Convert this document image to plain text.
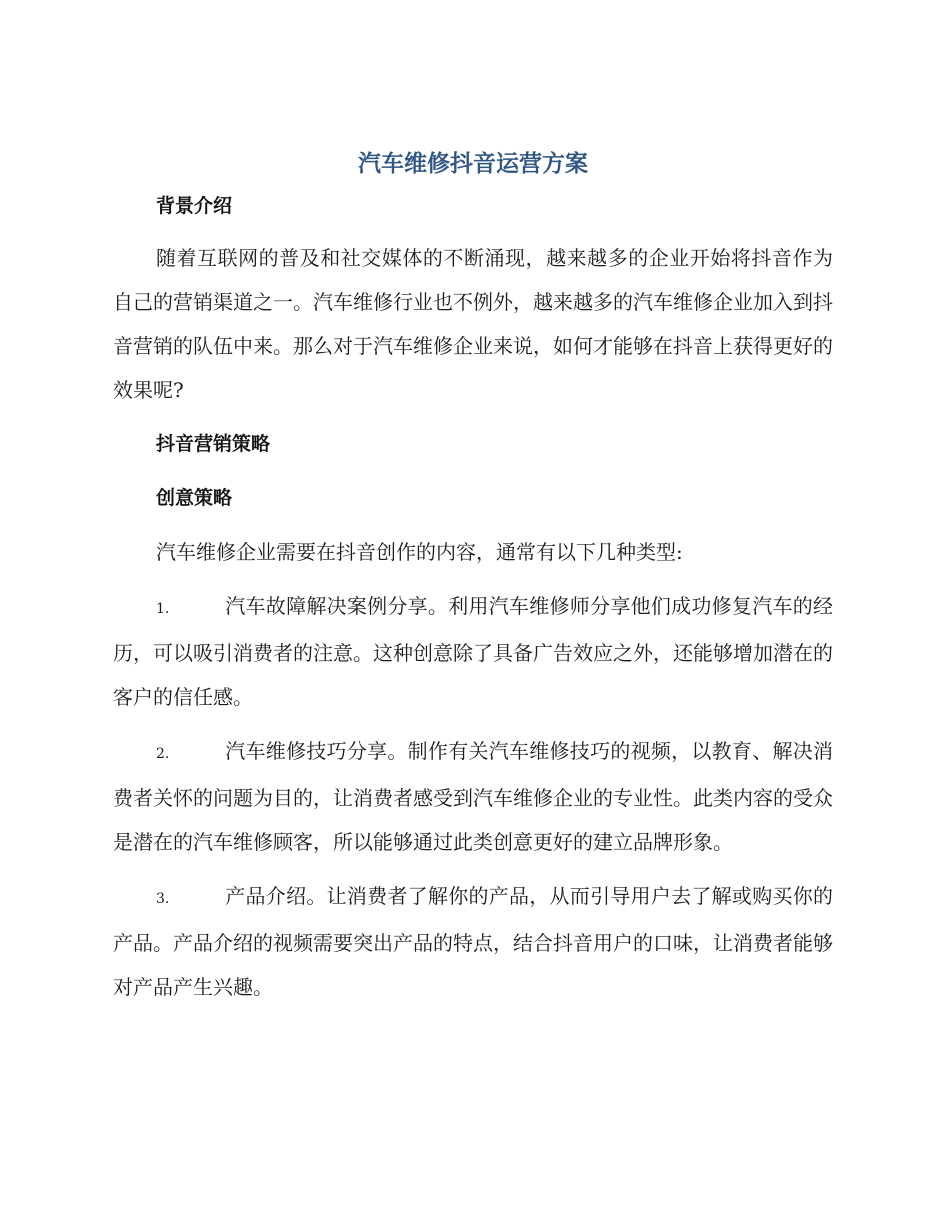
汽车维修抖音运营方案
背景介绍

随着互联网的普及和社交媒体的不断涌现，越来越多的企业开始将抖音作为自己的营销渠道之一。汽车维修行业也不例外，越来越多的汽车维修企业加入到抖音营销的队伍中来。那么对于汽车维修企业来说，如何才能够在抖音上获得更好的效果呢?

抖音营销策略
创意策略

汽车维修企业需要在抖音创作的内容，通常有以下几种类型:

1.	汽车故障解决案例分享。利用汽车维修师分享他们成功修复汽车的经历，可以吸引消费者的注意。这种创意除了具备广告效应之外，还能够增加潜在的客户的信任感。

2.	汽车维修技巧分享。制作有关汽车维修技巧的视频，以教育、解决消费者关怀的问题为目的，让消费者感受到汽车维修企业的专业性。此类内容的受众是潜在的汽车维修顾客，所以能够通过此类创意更好的建立品牌形象。

3.	产品介绍。让消费者了解你的产品，从而引导用户去了解或购买你的产品。产品介绍的视频需要突出产品的特点，结合抖音用户的口味，让消费者能够对产品产生兴趣。
